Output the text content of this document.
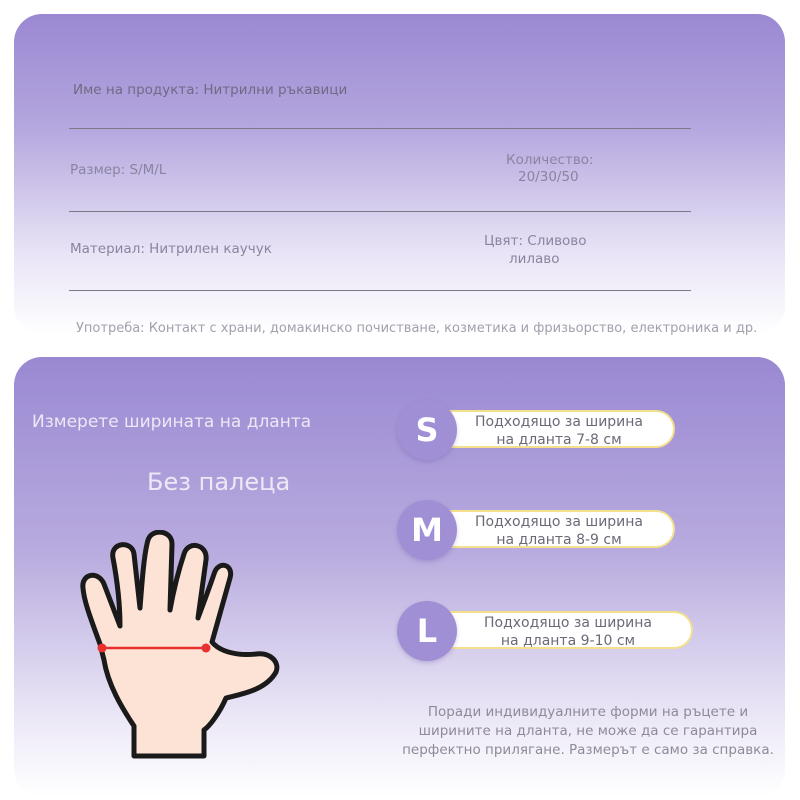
Име на продукта: Нитрилни ръкавици
Размер: S/M/L
Количество:
20/30/50
Материал: Нитрилен каучук	Цвят: Сливово
лилаво
Употреба: Контакт с храни, домакинско почистване, козметика и фризьорство, електроника и др.
Измерете ширината на дланта
Без палеца
Подходящо за ширина
на дланта 7-8 см
S
Подходящо за ширина
на дланта 8-9 см
M
Подходящо за ширина
на дланта 9-10 см
L
Поради индивидуалните форми на ръцете и ширините на дланта, не може да се гарантира перфектно прилягане. Размерът е само за справка.
